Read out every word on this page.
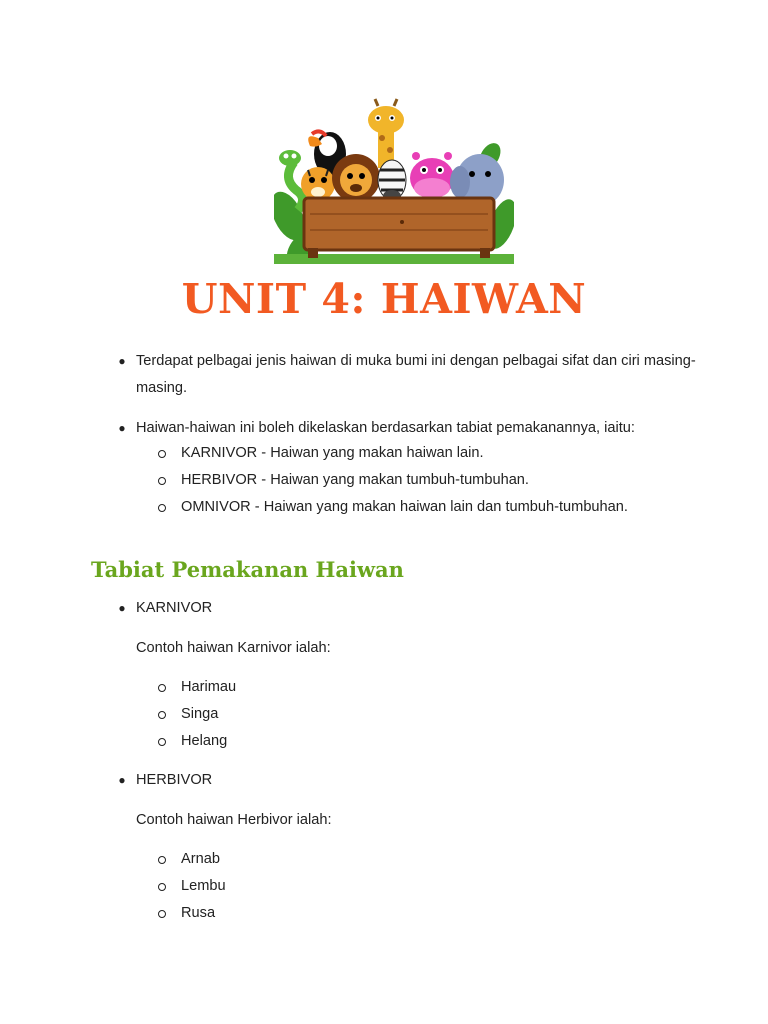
UNIT 4: HAIWAN
● Terdapat pelbagai jenis haiwan di muka bumi ini dengan pelbagai sifat dan ciri masing-masing.
● Haiwan-haiwan ini boleh dikelaskan berdasarkan tabiat pemakanannya, iaitu:
KARNIVOR - Haiwan yang makan haiwan lain.
HERBIVOR - Haiwan yang makan tumbuh-tumbuhan.
OMNIVOR - Haiwan yang makan haiwan lain dan tumbuh-tumbuhan.
Tabiat Pemakanan Haiwan
● KARNIVOR
Contoh haiwan Karnivor ialah:
Harimau
Singa
Helang
● HERBIVOR
Contoh haiwan Herbivor ialah:
Arnab
Lembu
Rusa
